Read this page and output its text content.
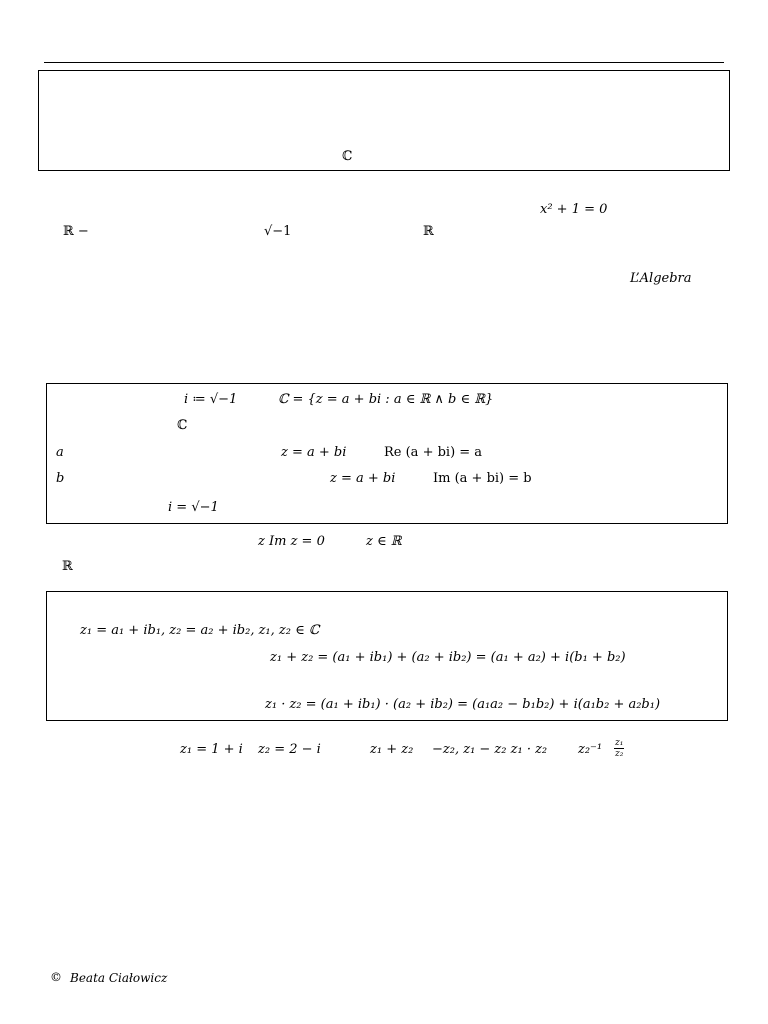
ℂ
x² + 1 = 0
ℝ −	√−1	ℝ
L’Algebra
i ≔ √−1	ℂ = {z = a + bi : a ∈ ℝ ∧ b ∈ ℝ}
ℂ
a	z = a + bi	Re (a + bi) = a
b	z = a + bi	Im (a + bi) = b
i = √−1
z Im z = 0	z ∈ ℝ
ℝ
z₁ = a₁ + ib₁, z₂ = a₂ + ib₂, z₁, z₂ ∈ ℂ
z₁ + z₂ = (a₁ + ib₁) + (a₂ + ib₂) = (a₁ + a₂) + i(b₁ + b₂)
z₁ · z₂ = (a₁ + ib₁) · (a₂ + ib₂) = (a₁a₂ − b₁b₂) + i(a₁b₂ + a₂b₁)
z₁ = 1 + i z₂ = 2 − i	z₁ + z₂ −z₂, z₁ − z₂ z₁ · z₂ $z_2^{-1} \frac{\text{z₁}}{\text{z₂}}$
© Beata Ciałowicz
